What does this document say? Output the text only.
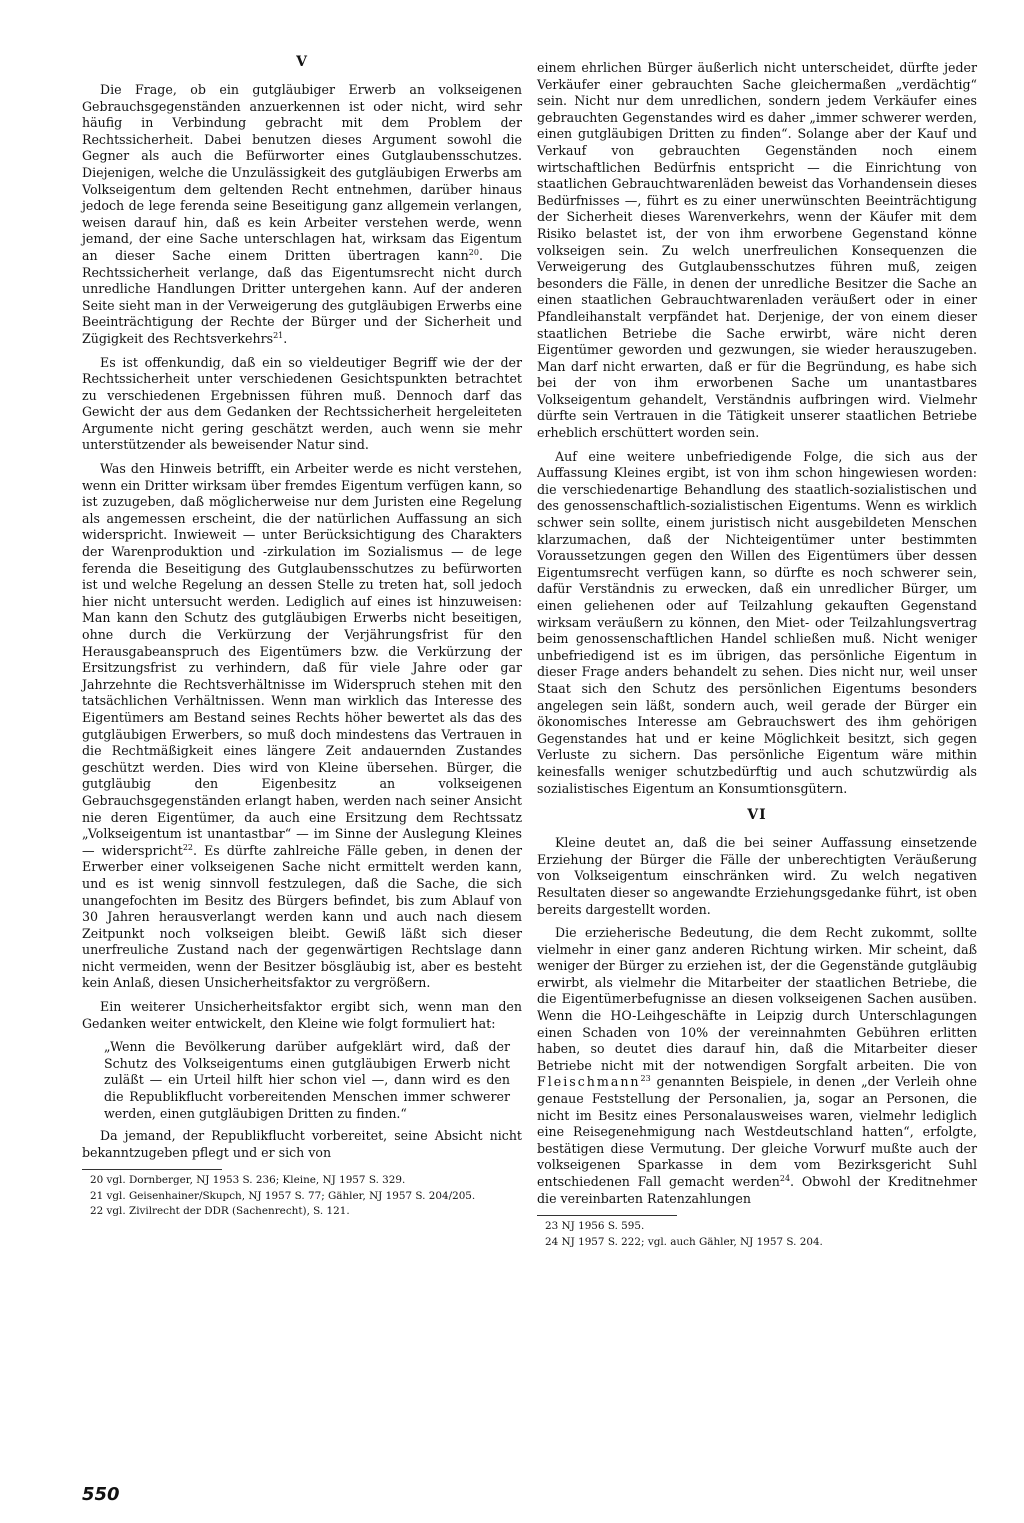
V

Die Frage, ob ein gutgläubiger Erwerb an volkseigenen Gebrauchsgegenständen anzuerkennen ist oder nicht, wird sehr häufig in Verbindung gebracht mit dem Problem der Rechtssicherheit. Dabei benutzen dieses Argument sowohl die Gegner als auch die Befürworter eines Gutglaubensschutzes. Diejenigen, welche die Unzulässigkeit des gutgläubigen Erwerbs am Volkseigentum dem geltenden Recht entnehmen, darüber hinaus jedoch de lege ferenda seine Beseitigung ganz allgemein verlangen, weisen darauf hin, daß es kein Arbeiter verstehen werde, wenn jemand, der eine Sache unterschlagen hat, wirksam das Eigentum an dieser Sache einem Dritten übertragen kann$^{20}$. Die Rechtssicherheit verlange, daß das Eigentumsrecht nicht durch unredliche Handlungen Dritter untergehen kann. Auf der anderen Seite sieht man in der Verweigerung des gutgläubigen Erwerbs eine Beeinträchtigung der Rechte der Bürger und der Sicherheit und Zügigkeit des Rechtsverkehrs$^{21}$.

Es ist offenkundig, daß ein so vieldeutiger Begriff wie der der Rechtssicherheit unter verschiedenen Gesichtspunkten betrachtet zu verschiedenen Ergebnissen führen muß. Dennoch darf das Gewicht der aus dem Gedanken der Rechtssicherheit hergeleiteten Argumente nicht gering geschätzt werden, auch wenn sie mehr unterstützender als beweisender Natur sind.

Was den Hinweis betrifft, ein Arbeiter werde es nicht verstehen, wenn ein Dritter wirksam über fremdes Eigentum verfügen kann, so ist zuzugeben, daß möglicherweise nur dem Juristen eine Regelung als angemessen erscheint, die der natürlichen Auffassung an sich widerspricht. Inwieweit — unter Berücksichtigung des Charakters der Warenproduktion und -zirkulation im Sozialismus — de lege ferenda die Beseitigung des Gutglaubensschutzes zu befürworten ist und welche Regelung an dessen Stelle zu treten hat, soll jedoch hier nicht untersucht werden. Lediglich auf eines ist hinzuweisen: Man kann den Schutz des gutgläubigen Erwerbs nicht beseitigen, ohne durch die Verkürzung der Verjährungsfrist für den Herausgabeanspruch des Eigentümers bzw. die Verkürzung der Ersitzungsfrist zu verhindern, daß für viele Jahre oder gar Jahrzehnte die Rechtsverhältnisse im Widerspruch stehen mit den tatsächlichen Verhältnissen. Wenn man wirklich das Interesse des Eigentümers am Bestand seines Rechts höher bewertet als das des gutgläubigen Erwerbers, so muß doch mindestens das Vertrauen in die Rechtmäßigkeit eines längere Zeit andauernden Zustandes geschützt werden. Dies wird von Kleine übersehen. Bürger, die gutgläubig den Eigenbesitz an volkseigenen Gebrauchsgegenständen erlangt haben, werden nach seiner Ansicht nie deren Eigentümer, da auch eine Ersitzung dem Rechtssatz „Volkseigentum ist unantastbar“ — im Sinne der Auslegung Kleines — widerspricht$^{22}$. Es dürfte zahlreiche Fälle geben, in denen der Erwerber einer volkseigenen Sache nicht ermittelt werden kann, und es ist wenig sinnvoll festzulegen, daß die Sache, die sich unangefochten im Besitz des Bürgers befindet, bis zum Ablauf von 30 Jahren herausverlangt werden kann und auch nach diesem Zeitpunkt noch volkseigen bleibt. Gewiß läßt sich dieser unerfreuliche Zustand nach der gegenwärtigen Rechtslage dann nicht vermeiden, wenn der Besitzer bösgläubig ist, aber es besteht kein Anlaß, diesen Unsicherheitsfaktor zu vergrößern.

Ein weiterer Unsicherheitsfaktor ergibt sich, wenn man den Gedanken weiter entwickelt, den Kleine wie folgt formuliert hat:

„Wenn die Bevölkerung darüber aufgeklärt wird, daß der Schutz des Volkseigentums einen gutgläubigen Erwerb nicht zuläßt — ein Urteil hilft hier schon viel —, dann wird es den die Republikflucht vorbereitenden Menschen immer schwerer werden, einen gutgläubigen Dritten zu finden.“

Da jemand, der Republikflucht vorbereitet, seine Absicht nicht bekanntzugeben pflegt und er sich von

20 vgl. Dornberger, NJ 1953 S. 236; Kleine, NJ 1957 S. 329.

21 vgl. Geisenhainer/Skupch, NJ 1957 S. 77; Gähler, NJ 1957 S. 204/205.

22 vgl. Zivilrecht der DDR (Sachenrecht), S. 121.

einem ehrlichen Bürger äußerlich nicht unterscheidet, dürfte jeder Verkäufer einer gebrauchten Sache gleichermaßen „verdächtig“ sein. Nicht nur dem unredlichen, sondern jedem Verkäufer eines gebrauchten Gegenstandes wird es daher „immer schwerer werden, einen gutgläubigen Dritten zu finden“. Solange aber der Kauf und Verkauf von gebrauchten Gegenständen noch einem wirtschaftlichen Bedürfnis entspricht — die Einrichtung von staatlichen Gebrauchtwarenläden beweist das Vorhandensein dieses Bedürfnisses —, führt es zu einer unerwünschten Beeinträchtigung der Sicherheit dieses Warenverkehrs, wenn der Käufer mit dem Risiko belastet ist, der von ihm erworbene Gegenstand könne volkseigen sein. Zu welch unerfreulichen Konsequenzen die Verweigerung des Gutglaubensschutzes führen muß, zeigen besonders die Fälle, in denen der unredliche Besitzer die Sache an einen staatlichen Gebrauchtwarenladen veräußert oder in einer Pfandleihanstalt verpfändet hat. Derjenige, der von einem dieser staatlichen Betriebe die Sache erwirbt, wäre nicht deren Eigentümer geworden und gezwungen, sie wieder herauszugeben. Man darf nicht erwarten, daß er für die Begründung, es habe sich bei der von ihm erworbenen Sache um unantastbares Volkseigentum gehandelt, Verständnis aufbringen wird. Vielmehr dürfte sein Vertrauen in die Tätigkeit unserer staatlichen Betriebe erheblich erschüttert worden sein.

Auf eine weitere unbefriedigende Folge, die sich aus der Auffassung Kleines ergibt, ist von ihm schon hingewiesen worden: die verschiedenartige Behandlung des staatlich-sozialistischen und des genossenschaftlich-sozialistischen Eigentums. Wenn es wirklich schwer sein sollte, einem juristisch nicht ausgebildeten Menschen klarzumachen, daß der Nichteigentümer unter bestimmten Voraussetzungen gegen den Willen des Eigentümers über dessen Eigentumsrecht verfügen kann, so dürfte es noch schwerer sein, dafür Verständnis zu erwecken, daß ein unredlicher Bürger, um einen geliehenen oder auf Teilzahlung gekauften Gegenstand wirksam veräußern zu können, den Miet- oder Teilzahlungsvertrag beim genossenschaftlichen Handel schließen muß. Nicht weniger unbefriedigend ist es im übrigen, das persönliche Eigentum in dieser Frage anders behandelt zu sehen. Dies nicht nur, weil unser Staat sich den Schutz des persönlichen Eigentums besonders angelegen sein läßt, sondern auch, weil gerade der Bürger ein ökonomisches Interesse am Gebrauchswert des ihm gehörigen Gegenstandes hat und er keine Möglichkeit besitzt, sich gegen Verluste zu sichern. Das persönliche Eigentum wäre mithin keinesfalls weniger schutzbedürftig und auch schutzwürdig als sozialistisches Eigentum an Konsumtionsgütern.

VI

Kleine deutet an, daß die bei seiner Auffassung einsetzende Erziehung der Bürger die Fälle der unberechtigten Veräußerung von Volkseigentum einschränken wird. Zu welch negativen Resultaten dieser so angewandte Erziehungsgedanke führt, ist oben bereits dargestellt worden.

Die erzieherische Bedeutung, die dem Recht zukommt, sollte vielmehr in einer ganz anderen Richtung wirken. Mir scheint, daß weniger der Bürger zu erziehen ist, der die Gegenstände gutgläubig erwirbt, als vielmehr die Mitarbeiter der staatlichen Betriebe, die die Eigentümerbefugnisse an diesen volkseigenen Sachen ausüben. Wenn die HO-Leihgeschäfte in Leipzig durch Unterschlagungen einen Schaden von 10% der vereinnahmten Gebühren erlitten haben, so deutet dies darauf hin, daß die Mitarbeiter dieser Betriebe nicht mit der notwendigen Sorgfalt arbeiten. Die von Fleischmann$^{23}$ genannten Beispiele, in denen „der Verleih ohne genaue Feststellung der Personalien, ja, sogar an Personen, die nicht im Besitz eines Personalausweises waren, vielmehr lediglich eine Reisegenehmigung nach Westdeutschland hatten“, erfolgte, bestätigen diese Vermutung. Der gleiche Vorwurf mußte auch der volkseigenen Sparkasse in dem vom Bezirksgericht Suhl entschiedenen Fall gemacht werden$^{24}$. Obwohl der Kreditnehmer die vereinbarten Ratenzahlungen

23 NJ 1956 S. 595.

24 NJ 1957 S. 222; vgl. auch Gähler, NJ 1957 S. 204.

550
